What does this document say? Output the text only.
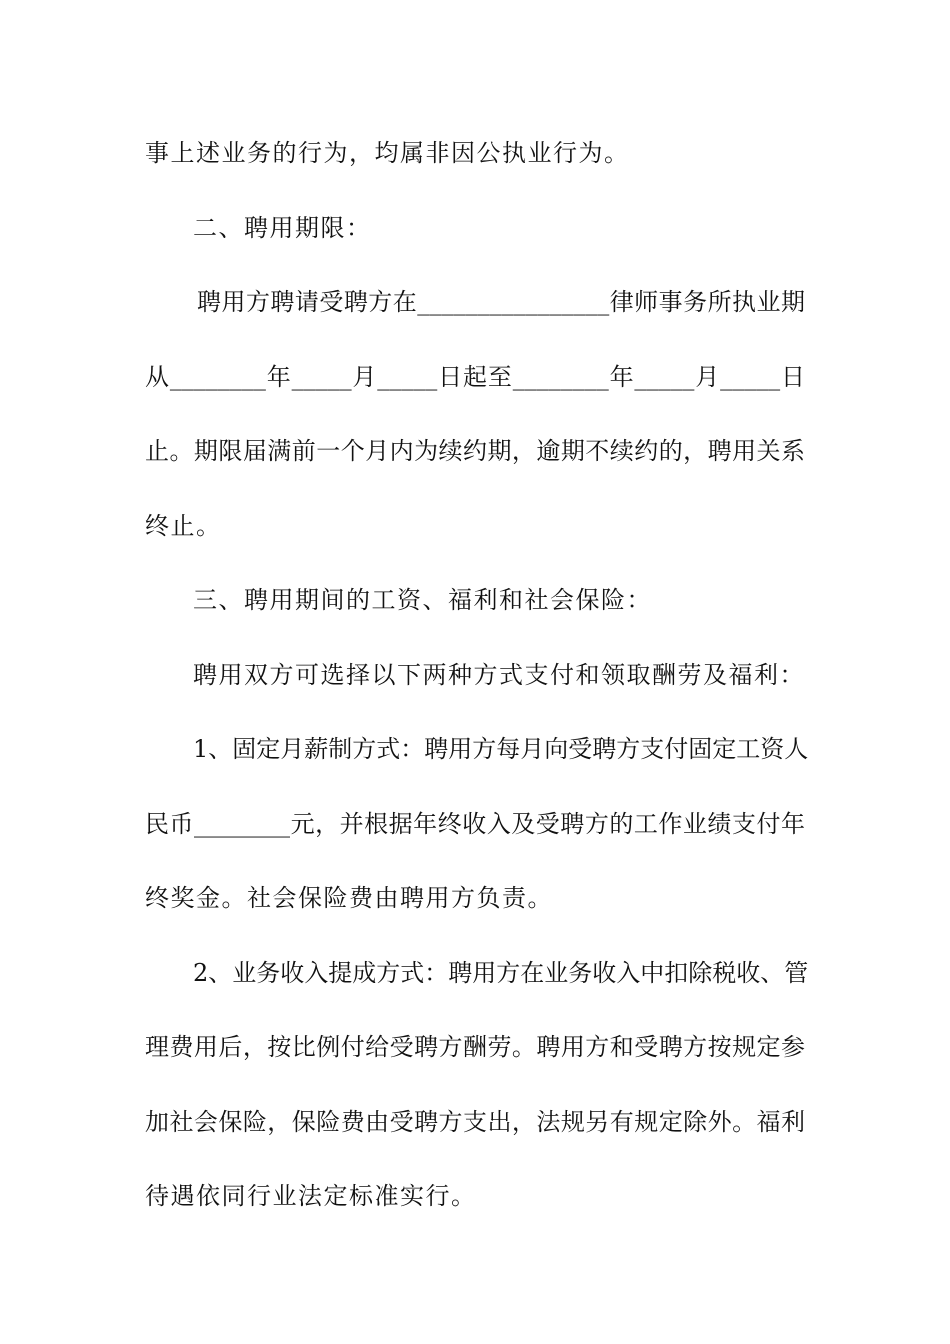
事上述业务的行为，均属非因公执业行为。
二、聘用期限：
聘用方聘请受聘方在________________律师事务所执业期
从________年_____月_____日起至________年_____月_____日
止。期限届满前一个月内为续约期，逾期不续约的，聘用关系
终止。
三、聘用期间的工资、福利和社会保险：
聘用双方可选择以下两种方式支付和领取酬劳及福利：
1、固定月薪制方式：聘用方每月向受聘方支付固定工资人
民币________元，并根据年终收入及受聘方的工作业绩支付年
终奖金。社会保险费由聘用方负责。
2、业务收入提成方式：聘用方在业务收入中扣除税收、管
理费用后，按比例付给受聘方酬劳。聘用方和受聘方按规定参
加社会保险，保险费由受聘方支出，法规另有规定除外。福利
待遇依同行业法定标准实行。
